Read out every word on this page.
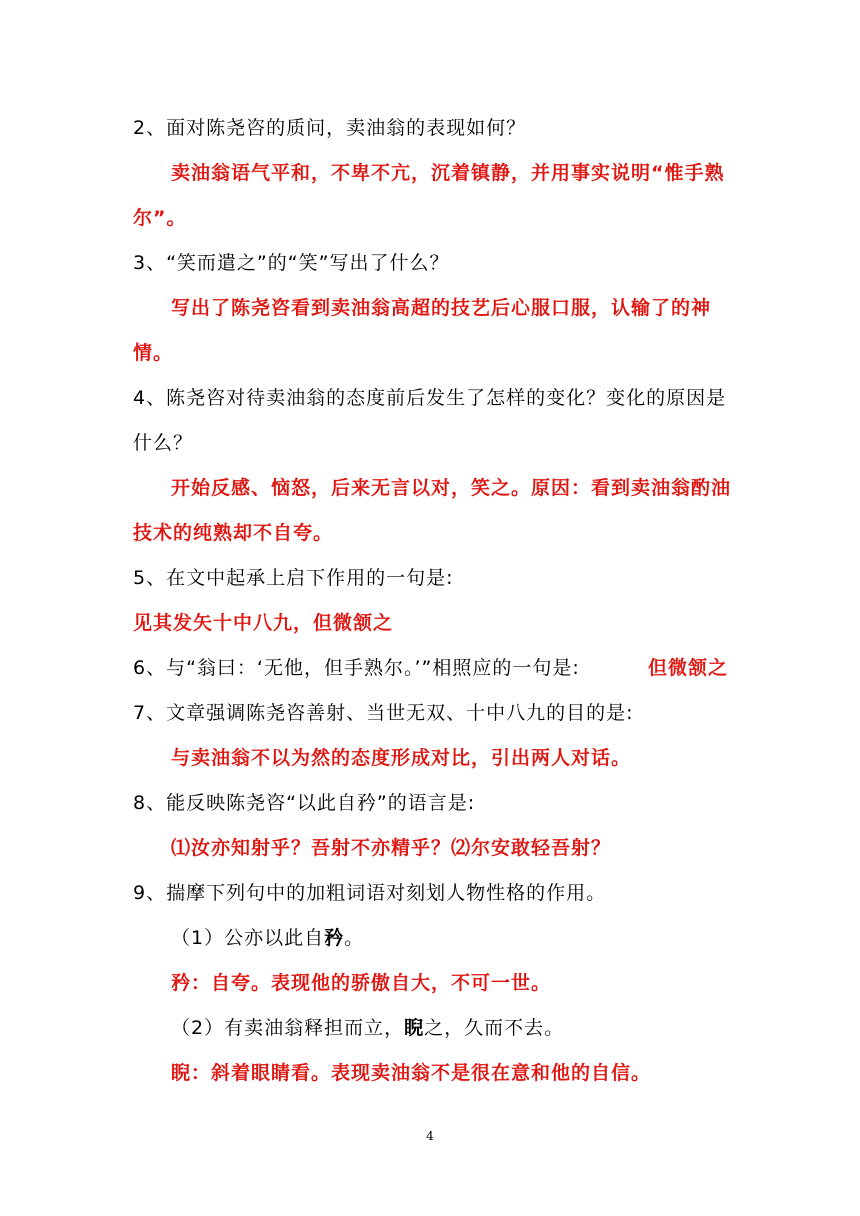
2、面对陈尧咨的质问，卖油翁的表现如何？
卖油翁语气平和，不卑不亢，沉着镇静，并用事实说明“惟手熟
尔”。
3、“笑而遣之”的“笑”写出了什么？
写出了陈尧咨看到卖油翁高超的技艺后心服口服，认输了的神
情。
4、陈尧咨对待卖油翁的态度前后发生了怎样的变化？变化的原因是
什么？
开始反感、恼怒，后来无言以对，笑之。原因：看到卖油翁酌油
技术的纯熟却不自夸。
5、在文中起承上启下作用的一句是:
见其发矢十中八九，但微颔之
6、与“翁曰：‘无他，但手熟尔。’”相照应的一句是:	但微颔之
7、文章强调陈尧咨善射、当世无双、十中八九的目的是:
与卖油翁不以为然的态度形成对比，引出两人对话。
8、能反映陈尧咨“以此自矜”的语言是:
⑴汝亦知射乎？吾射不亦精乎？⑵尔安敢轻吾射？
9、揣摩下列句中的加粗词语对刻划人物性格的作用。
（1）公亦以此自矜。
矜：自夸。表现他的骄傲自大，不可一世。
（2）有卖油翁释担而立，睨之，久而不去。
睨：斜着眼睛看。表现卖油翁不是很在意和他的自信。
4
